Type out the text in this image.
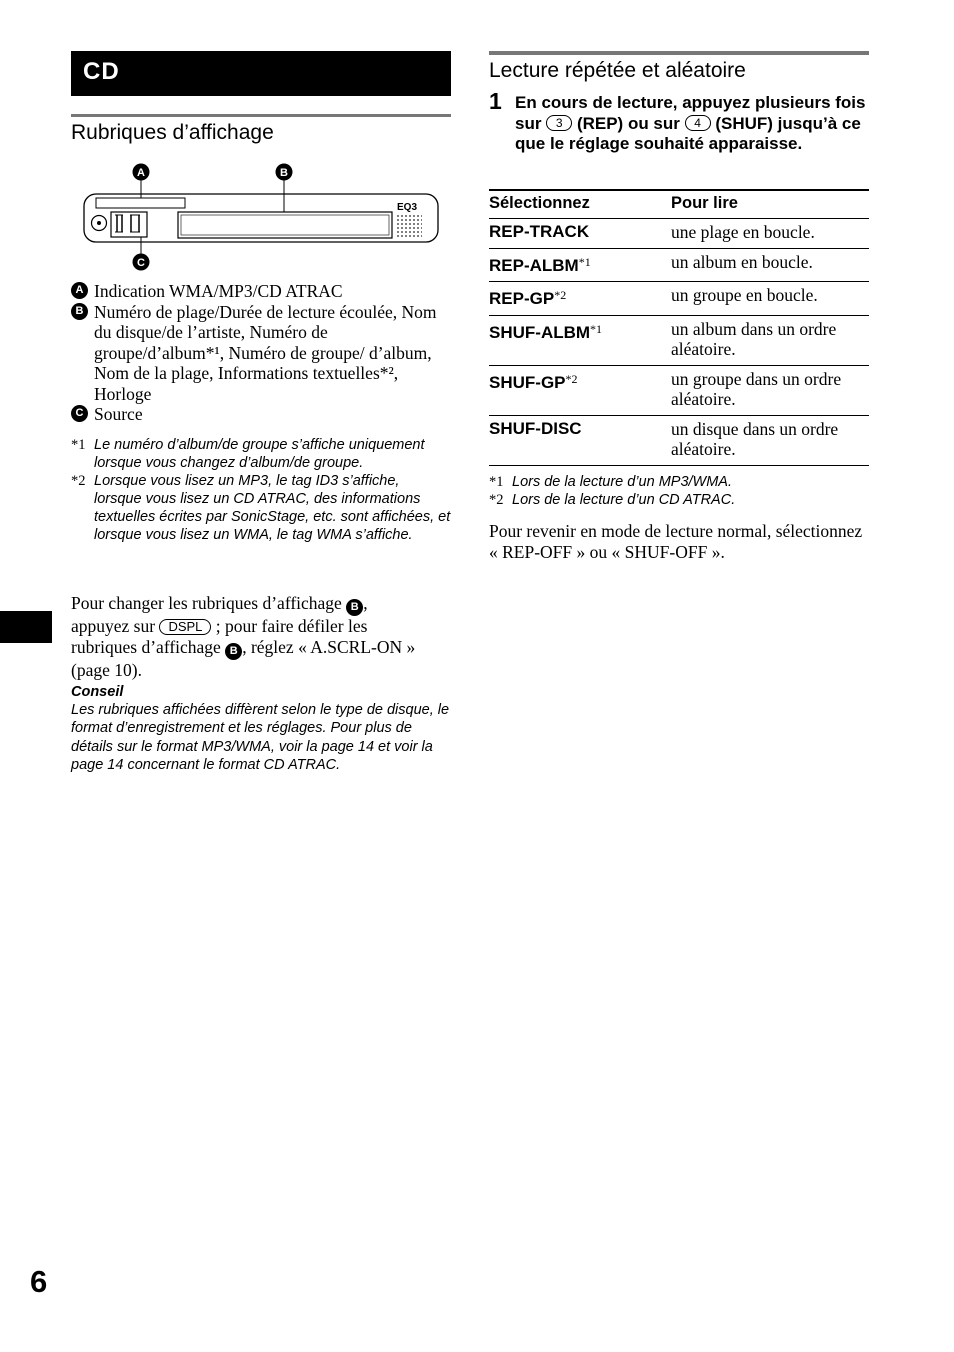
CD
Rubriques d’affichage
EQ3
A	B
C
A Indication WMA/MP3/CD ATRAC
B Numéro de plage/Durée de lecture écoulée, Nom du disque/de l’artiste, Numéro de groupe/d’album*¹, Numéro de groupe/ d’album, Nom de la plage, Informations textuelles*², Horloge
C Source
*1 Le numéro d’album/de groupe s’affiche uniquement lorsque vous changez d’album/de groupe.
*2 Lorsque vous lisez un MP3, le tag ID3 s’affiche, lorsque vous lisez un CD ATRAC, des informations textuelles écrites par SonicStage, etc. sont affichées, et lorsque vous lisez un WMA, le tag WMA s’affiche.
Pour changer les rubriques d’affichage B , appuyez sur DSPL ; pour faire défiler les rubriques d’affichage B , réglez « A.SCRL-ON » (page 10).
Conseil
Les rubriques affichées diffèrent selon le type de disque, le format d’enregistrement et les réglages. Pour plus de détails sur le format MP3/WMA, voir la page 14 et voir la page 14 concernant le format CD ATRAC.
6
Lecture répétée et aléatoire
1 En cours de lecture, appuyez plusieurs fois sur 3 (REP) ou sur 4 (SHUF) jusqu’à ce que le réglage souhaité apparaisse.
Sélectionnez	Pour lire
REP-TRACK	une plage en boucle.
REP-ALBM$^{*1}$	un album en boucle.
REP-GP$^{*2}$	un groupe en boucle.
SHUF-ALBM$^{*1}$	un album dans un ordre aléatoire.
SHUF-GP$^{*2}$	un groupe dans un ordre aléatoire.
SHUF-DISC	un disque dans un ordre aléatoire.
*1 Lors de la lecture d’un MP3/WMA.
*2 Lors de la lecture d’un CD ATRAC.
Pour revenir en mode de lecture normal, sélectionnez « REP-OFF » ou « SHUF-OFF ».
